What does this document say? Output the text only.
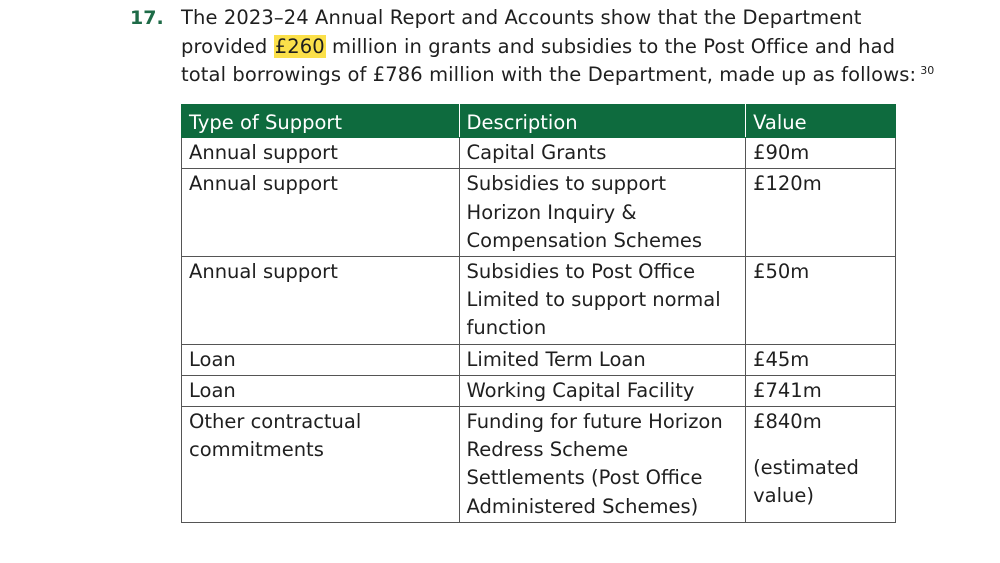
17. The 2023–24 Annual Report and Accounts show that the Department
provided £260 million in grants and subsidies to the Post Office and had
total borrowings of £786 million with the Department, made up as follows: $^{30}$
Type of Support	Description	Value
Annual support	Capital Grants	£90m
Annual support	Subsidies to support Horizon Inquiry & Compensation Schemes	£120m
Annual support	Subsidies to Post Office Limited to support normal function	£50m
Loan	Limited Term Loan	£45m
Loan	Working Capital Facility	£741m
Other contractual commitments	Funding for future Horizon Redress Scheme Settlements (Post Office Administered Schemes)	£840m
(estimated value)
